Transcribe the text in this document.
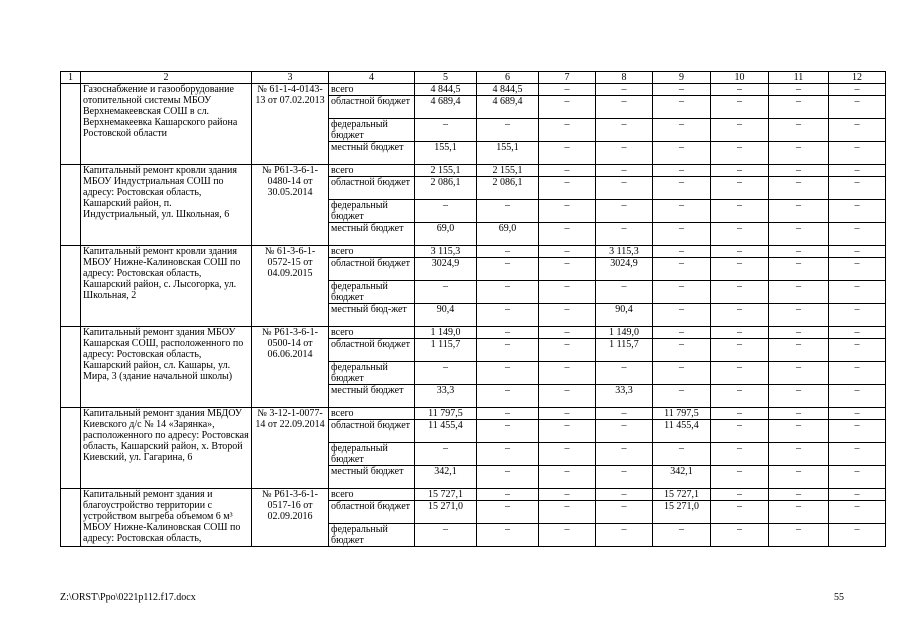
1	2	3	4	5	6	7	8	9	10	11	12
	Газоснабжение и газооборудование отопительной системы МБОУ Верхнемакеевская СОШ в сл. Верхнемакеевка Кашарского района Ростовской области	№ 61-1-4-0143-13 от 07.02.2013	всего	4 844,5	4 844,5	–	–	–	–	–	–
			областной бюджет	4 689,4	4 689,4	–	–	–	–	–	–
			федеральный бюджет	–	–	–	–	–	–	–	–
			местный бюджет	155,1	155,1	–	–	–	–	–	–
	Капитальный ремонт кровли здания МБОУ Индустриальная СОШ по адресу: Ростовская область, Кашарский район, п. Индустриальный, ул. Школьная, 6	№ Р61-3-6-1-0480-14 от 30.05.2014	всего	2 155,1	2 155,1	–	–	–	–	–	–
			областной бюджет	2 086,1	2 086,1	–	–	–	–	–	–
			федеральный бюджет	–	–	–	–	–	–	–	–
			местный бюджет	69,0	69,0	–	–	–	–	–	–
	Капитальный ремонт кровли здания МБОУ Нижне-Калиновская СОШ по адресу: Ростовская область, Кашарский район, с. Лысогорка, ул. Школьная, 2	№ 61-3-6-1-0572-15 от 04.09.2015	всего	3 115,3	–	–	3 115,3	–	–	–	–
			областной бюджет	3024,9	–	–	3024,9	–	–	–	–
			федеральный бюджет	–	–	–	–	–	–	–	–
			местный бюд-жет	90,4	–	–	90,4	–	–	–	–
	Капитальный ремонт здания МБОУ Кашарская СОШ, расположенного по адресу: Ростовская область, Кашарский район, сл. Кашары, ул. Мира, 3 (здание начальной школы)	№ Р61-3-6-1-0500-14 от 06.06.2014	всего	1 149,0	–	–	1 149,0	–	–	–	–
			областной бюджет	1 115,7	–	–	1 115,7	–	–	–	–
			федеральный бюджет	–	–	–	–	–	–	–	–
			местный бюджет	33,3	–	–	33,3	–	–	–	–
	Капитальный ремонт здания МБДОУ Киевского д/с № 14 «Зарянка», расположенного по адресу: Ростовская область, Кашарский район, х. Второй Киевский, ул. Гагарина, 6	№ 3-12-1-0077-14 от 22.09.2014	всего	11 797,5	–	–	–	11 797,5	–	–	–
			областной бюджет	11 455,4	–	–	–	11 455,4	–	–	–
			федеральный бюджет	–	–	–	–	–	–	–	–
			местный бюджет	342,1	–	–	–	342,1	–	–	–
	Капитальный ремонт здания и благоустройство территории с устройством выгреба объемом 6 м³ МБОУ Нижне-Калиновская СОШ по адресу: Ростовская область,	№ Р61-3-6-1-0517-16 от 02.09.2016	всего	15 727,1	–	–	–	15 727,1	–	–	–
			областной бюджет	15 271,0	–	–	–	15 271,0	–	–	–
			федеральный бюджет	–	–	–	–	–	–	–	–
Z:\ORST\Ppo\0221p112.f17.docx	55
